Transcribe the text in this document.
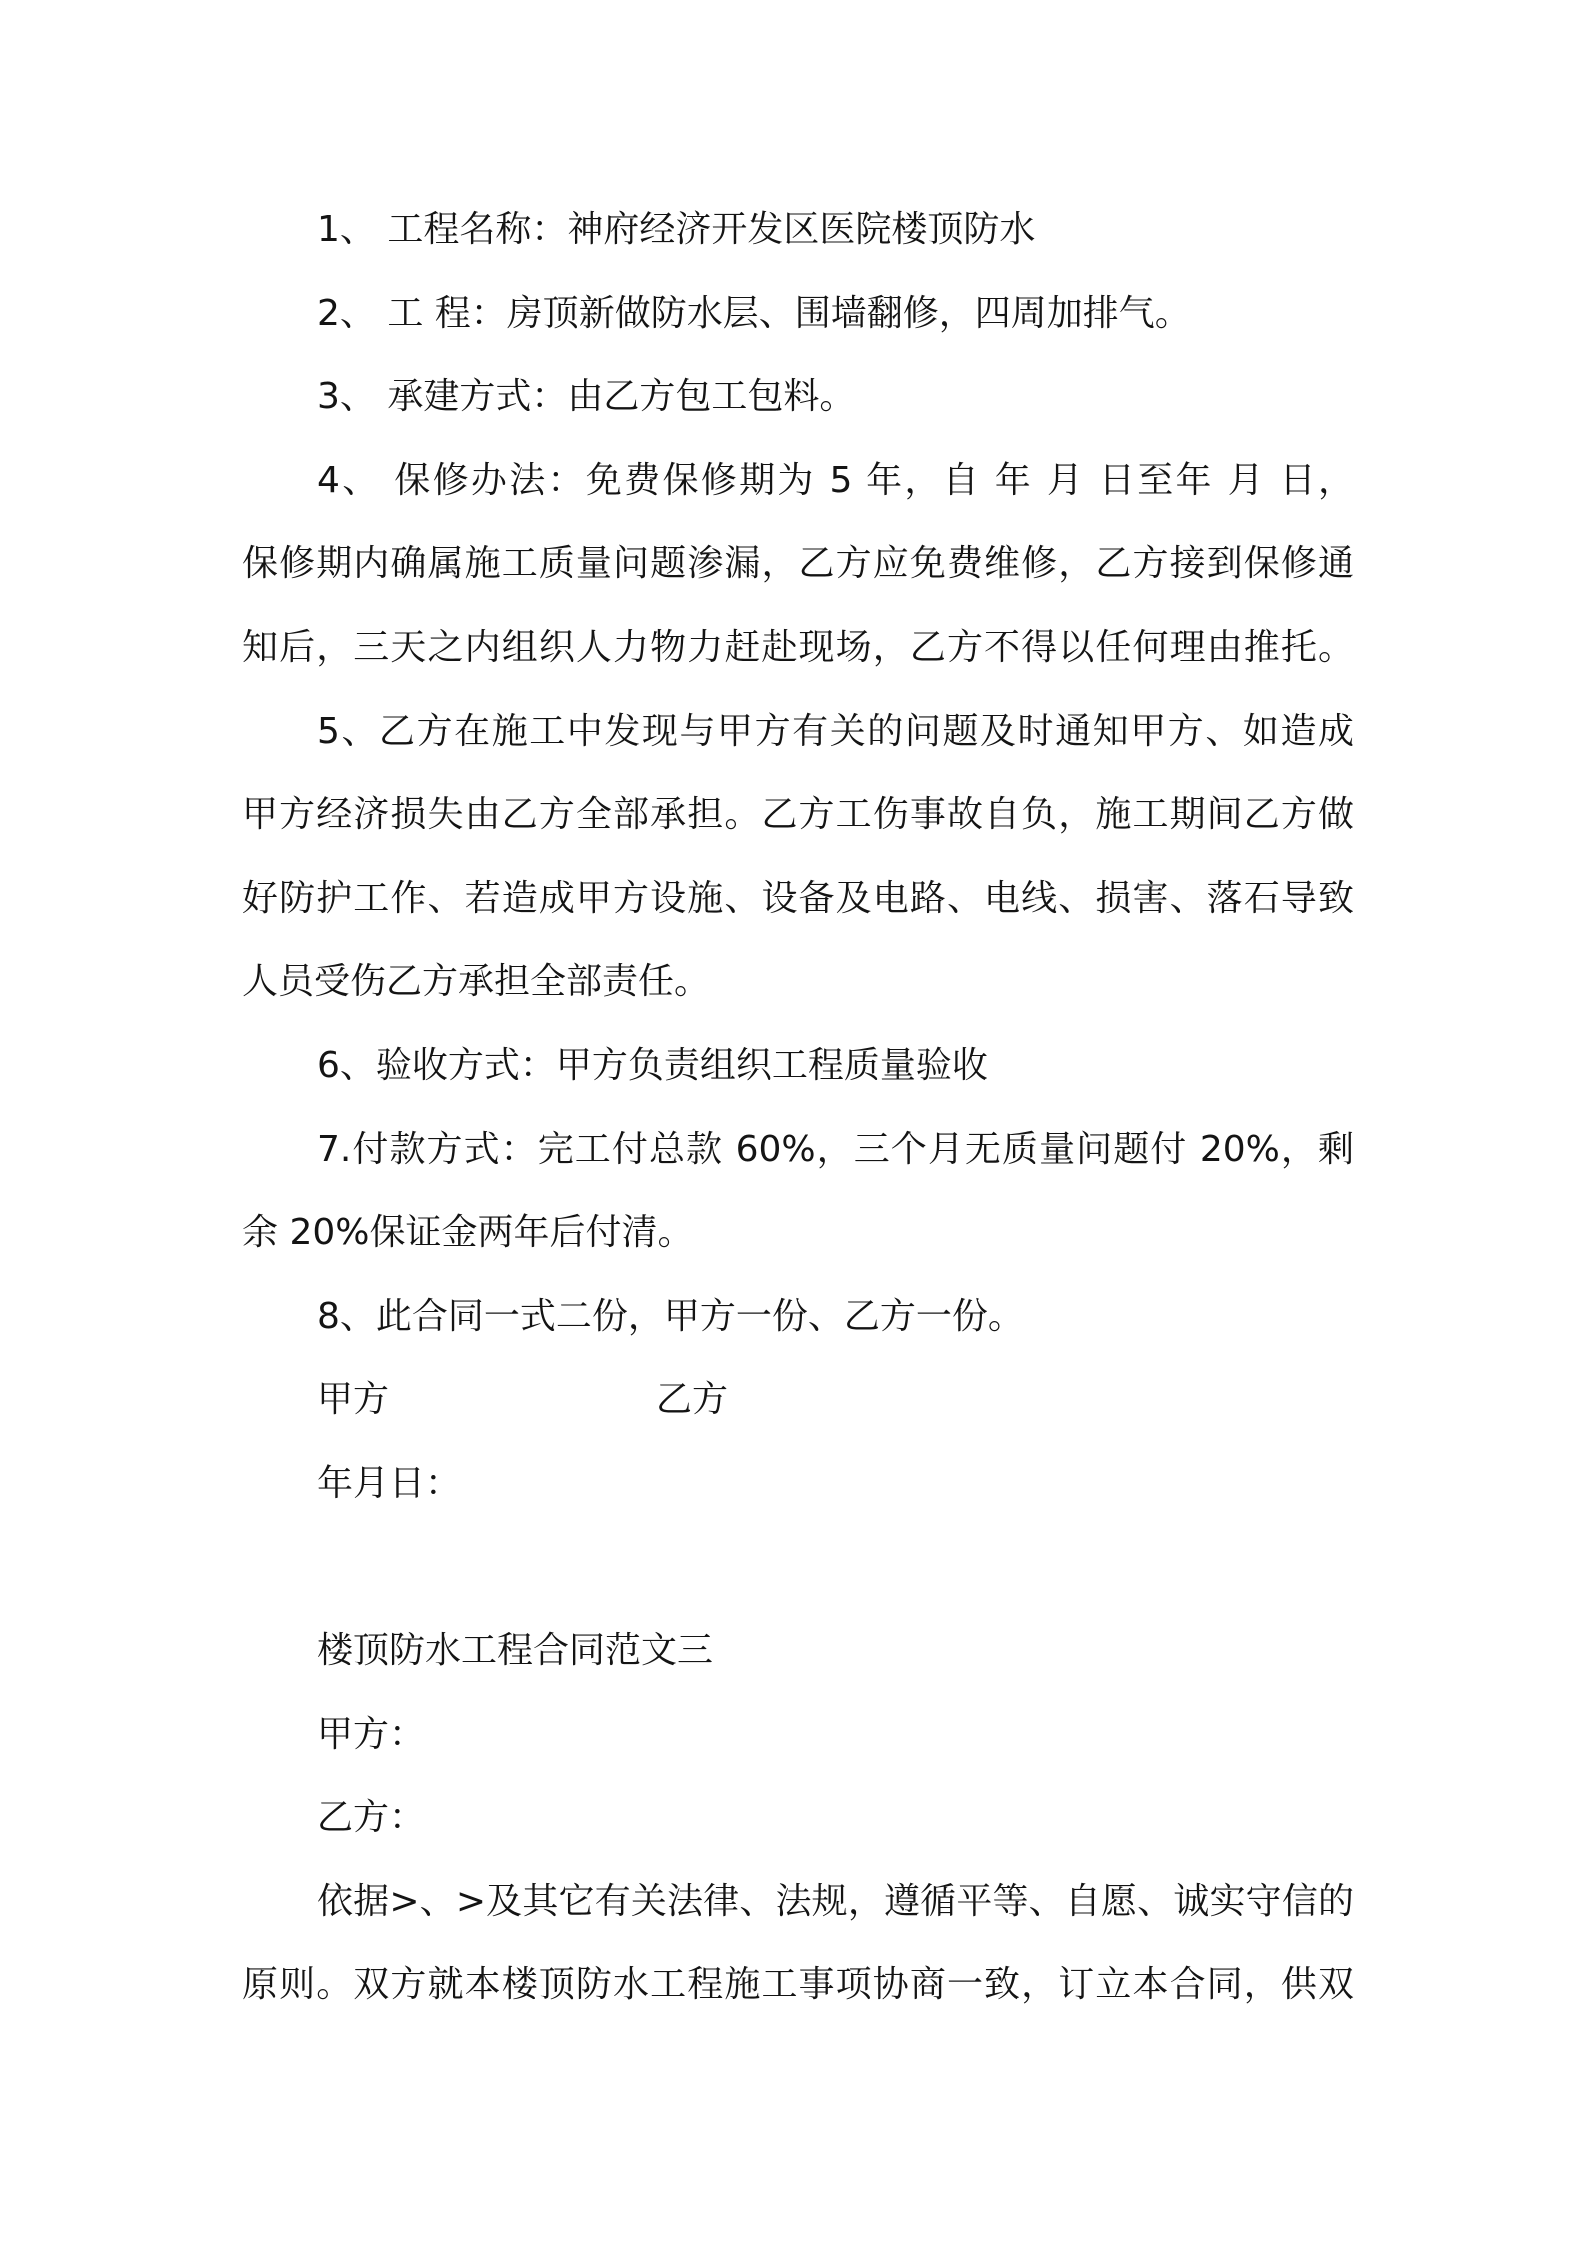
1、 工程名称：神府经济开发区医院楼顶防水
2、 工 程：房顶新做防水层、围墙翻修，四周加排气。
3、 承建方式：由乙方包工包料。
4、 保修办法：免费保修期为 5 年，自 年 月 日至年 月 日，
保修期内确属施工质量问题渗漏，乙方应免费维修，乙方接到保修通
知后，三天之内组织人力物力赶赴现场，乙方不得以任何理由推托。
5、乙方在施工中发现与甲方有关的问题及时通知甲方、如造成
甲方经济损失由乙方全部承担。乙方工伤事故自负，施工期间乙方做
好防护工作、若造成甲方设施、设备及电路、电线、损害、落石导致
人员受伤乙方承担全部责任。
6、验收方式：甲方负责组织工程质量验收
7.付款方式：完工付总款 60%，三个月无质量问题付 20%，剩
余 20%保证金两年后付清。
8、此合同一式二份，甲方一份、乙方一份。
甲方	乙方
年月日：
楼顶防水工程合同范文三
甲方：
乙方：
依据>、>及其它有关法律、法规，遵循平等、自愿、诚实守信的
原则。双方就本楼顶防水工程施工事项协商一致，订立本合同，供双
